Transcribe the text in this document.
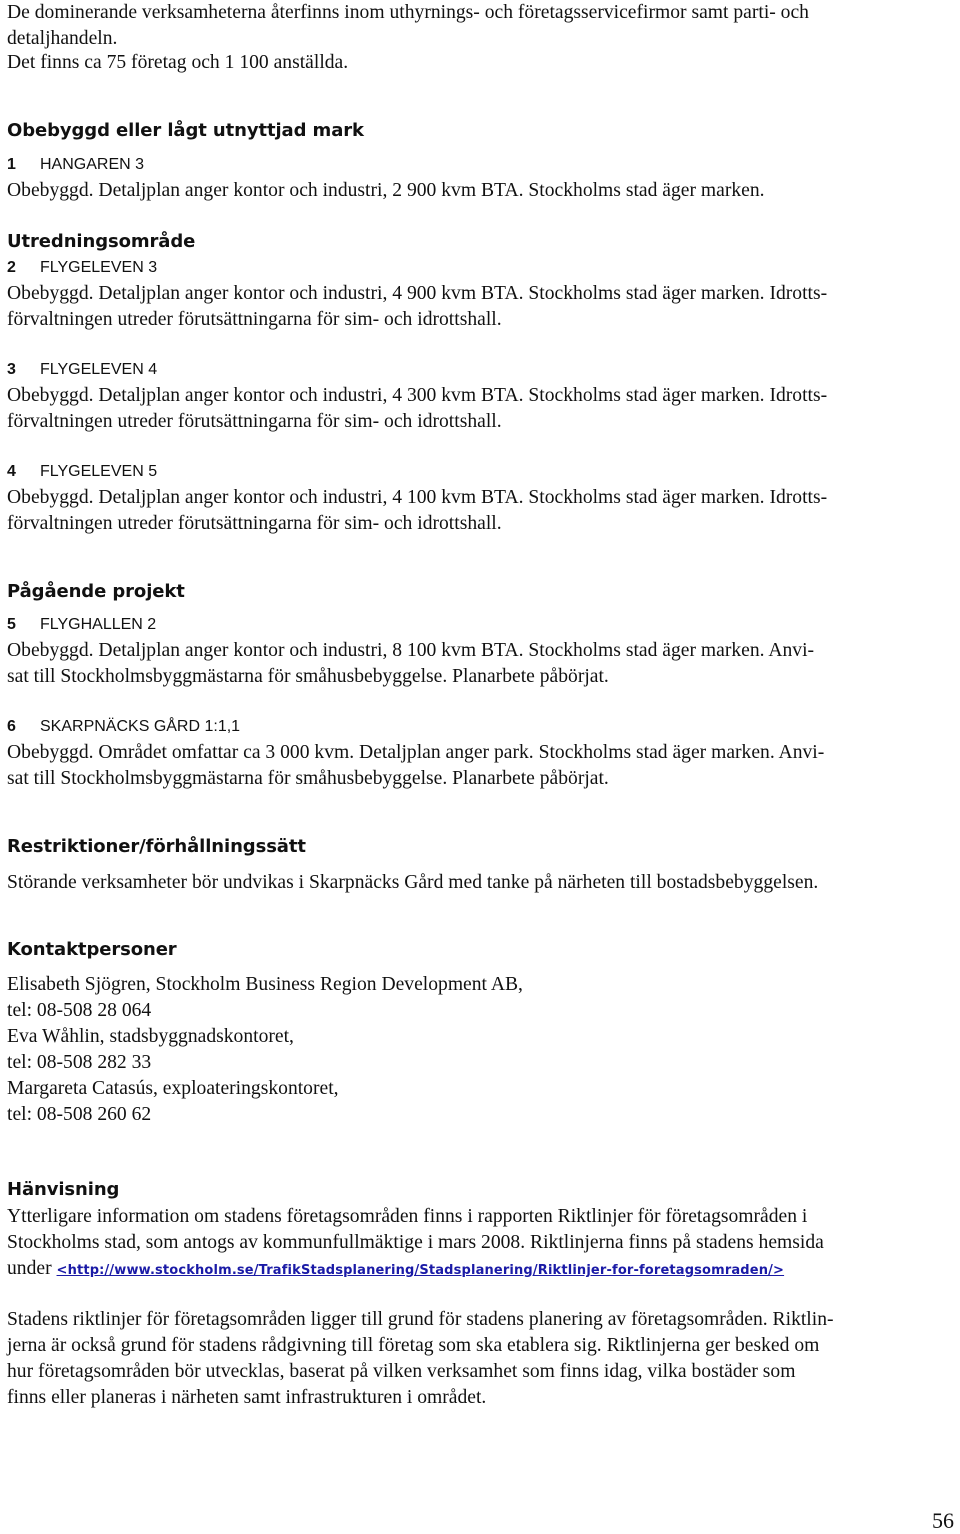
De dominerande verksamheterna återfinns inom uthyrnings- och företagsservicefirmor samt parti- och
detaljhandeln.
Det finns ca 75 företag och 1 100 anställda.
Obebyggd eller lågt utnyttjad mark
1 HANGAREN 3
Obebyggd. Detaljplan anger kontor och industri, 2 900 kvm BTA. Stockholms stad äger marken.
Utredningsområde
2 FLYGELEVEN 3
Obebyggd. Detaljplan anger kontor och industri, 4 900 kvm BTA. Stockholms stad äger marken. Idrotts-
förvaltningen utreder förutsättningarna för sim- och idrottshall.
3 FLYGELEVEN 4
Obebyggd. Detaljplan anger kontor och industri, 4 300 kvm BTA. Stockholms stad äger marken. Idrotts-
förvaltningen utreder förutsättningarna för sim- och idrottshall.
4 FLYGELEVEN 5
Obebyggd. Detaljplan anger kontor och industri, 4 100 kvm BTA. Stockholms stad äger marken. Idrotts-
förvaltningen utreder förutsättningarna för sim- och idrottshall.
Pågående projekt
5 FLYGHALLEN 2
Obebyggd. Detaljplan anger kontor och industri, 8 100 kvm BTA. Stockholms stad äger marken. Anvi-
sat till Stockholmsbyggmästarna för småhusbebyggelse. Planarbete påbörjat.
6 SKARPNÄCKS GÅRD 1:1,1
Obebyggd. Området omfattar ca 3 000 kvm. Detaljplan anger park. Stockholms stad äger marken. Anvi-
sat till Stockholmsbyggmästarna för småhusbebyggelse. Planarbete påbörjat.
Restriktioner/förhållningssätt
Störande verksamheter bör undvikas i Skarpnäcks Gård med tanke på närheten till bostadsbebyggelsen.
Kontaktpersoner
Elisabeth Sjögren, Stockholm Business Region Development AB,
tel: 08-508 28 064
Eva Wåhlin, stadsbyggnadskontoret,
tel: 08-508 282 33
Margareta Catasús, exploateringskontoret,
tel: 08-508 260 62
Hänvisning
Ytterligare information om stadens företagsområden finns i rapporten Riktlinjer för företagsområden i
Stockholms stad, som antogs av kommunfullmäktige i mars 2008. Riktlinjerna finns på stadens hemsida
under <http://www.stockholm.se/TrafikStadsplanering/Stadsplanering/Riktlinjer-for-foretagsomraden/>
Stadens riktlinjer för företagsområden ligger till grund för stadens planering av företagsområden. Riktlin-
jerna är också grund för stadens rådgivning till företag som ska etablera sig. Riktlinjerna ger besked om
hur företagsområden bör utvecklas, baserat på vilken verksamhet som finns idag, vilka bostäder som
finns eller planeras i närheten samt infrastrukturen i området.
56
